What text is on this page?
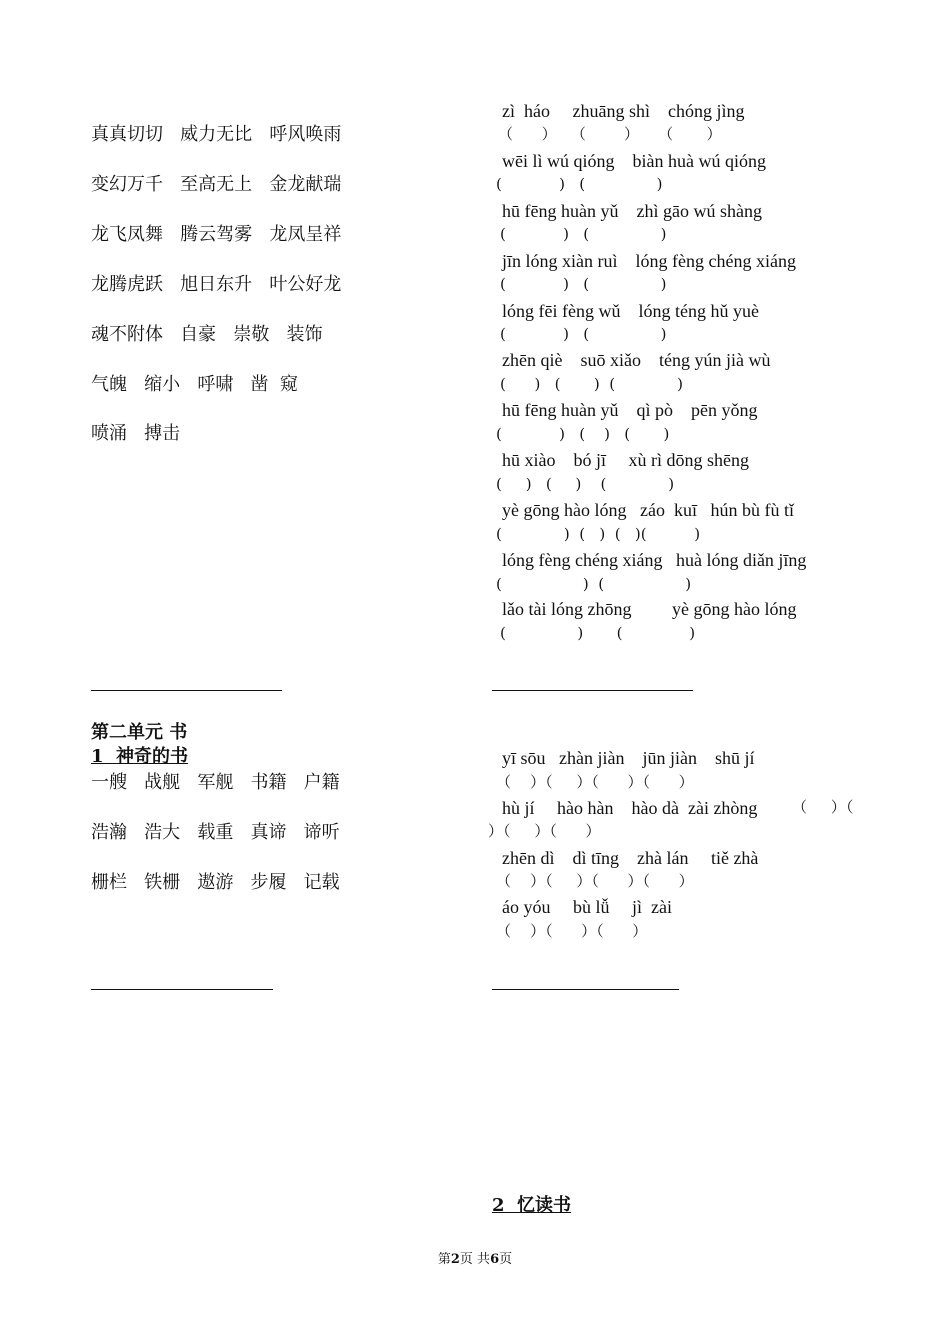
真真切切   威力无比   呼风唤雨
变幻万千   至高无上   金龙献瑞
龙飞凤舞   腾云驾雾   龙凤呈祥
龙腾虎跃   旭日东升   叶公好龙
魂不附体   自豪   崇敬   装饰
气魄   缩小   呼啸   凿  窥
喷涌   搏击
zì  háo     zhuāng shì    chóng jìng
（      ）   （        ）    （       ）
wēi lì wú qióng    biàn huà wú qióng
(            )   (               )
hū fēng huàn yǔ    zhì gāo wú shàng
(            )   (               )
jīn lóng xiàn ruì    lóng fèng chéng xiáng
(            )   (               )
lóng fēi fèng wǔ    lóng téng hǔ yuè
(            )   (               )
zhēn qiè    suō xiǎo    téng yún jià wù
(      )   (       )  (             )
hū fēng huàn yǔ    qì pò    pēn yǒng
(            )   (    )   (       )
hū xiào    bó jī     xù rì dōng shēng
(     )   (     )    (             )
yè gōng hào lóng   záo  kuī   hún bù fù tǐ
(             )  (   )  (   )(          )
lóng fèng chéng xiáng   huà lóng diǎn jīng
(                 )  (                 )
lǎo tài lóng zhōng         yè gōng hào lóng
(               )       (              )
第二单元 书
1  神奇的书
一艘   战舰   军舰   书籍   户籍
浩瀚   浩大   载重   真谛   谛听
栅栏   铁栅   遨游   步履   记载
yī sōu   zhàn jiàn    jūn jiàn    shū jí
（    ）（     ）（      ）（      ）
hù jí     hào hàn    hào dà  zài zhòng （     ）（
）（     ）（      ）
zhēn dì    dì tīng    zhà lán     tiě zhà
（    ）（     ）（      ）（      ）
áo yóu     bù lǚ     jì  zài
（    ）（      ）（      ）
2  忆读书
第2页 共6页
